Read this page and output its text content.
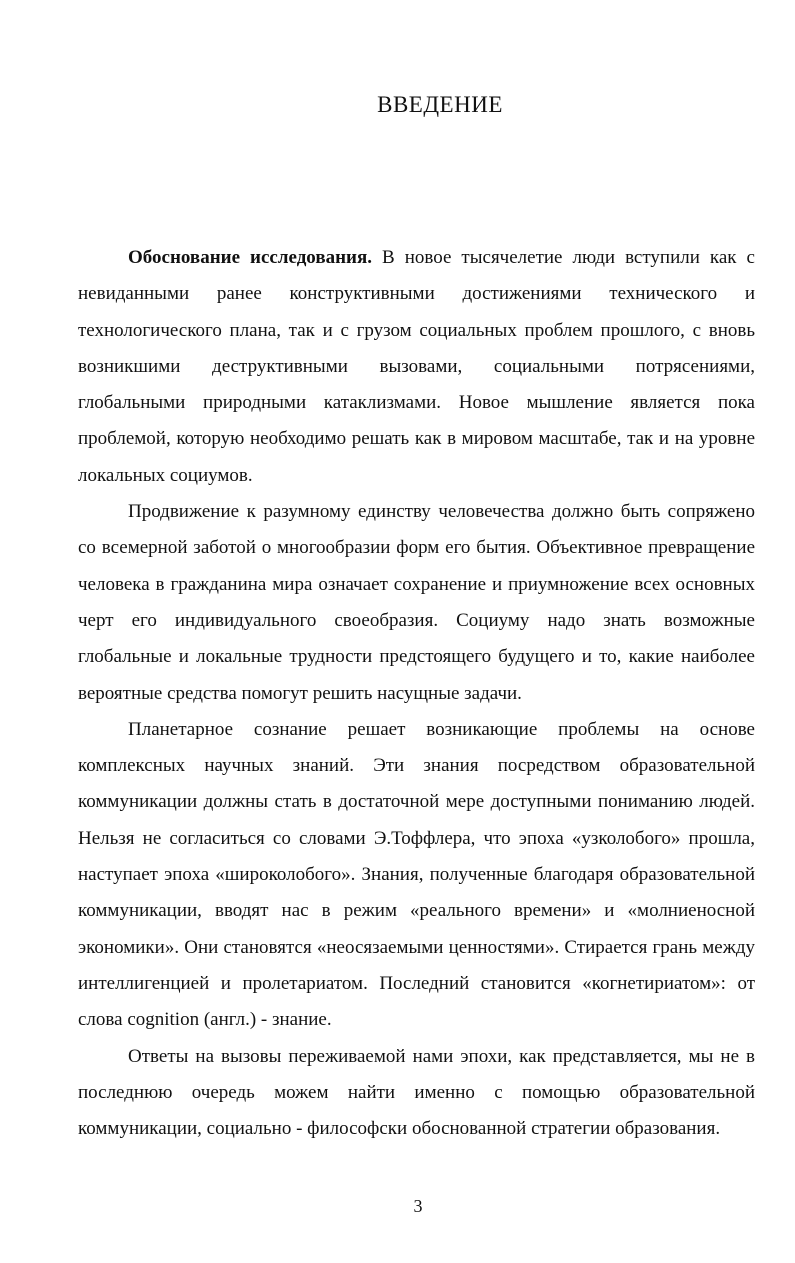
ВВЕДЕНИЕ

Обоснование исследования. В новое тысячелетие люди вступили как с невиданными ранее конструктивными достижениями технического и технологического плана, так и с грузом социальных проблем прошлого, с вновь возникшими деструктивными вызовами, социальными потрясениями, глобальными природными катаклизмами. Новое мышление является пока проблемой, которую необходимо решать как в мировом масштабе, так и на уровне локальных социумов.

Продвижение к разумному единству человечества должно быть сопряжено со всемерной заботой о многообразии форм его бытия. Объективное превращение человека в гражданина мира означает сохранение и приумножение всех основных черт его индивидуального своеобразия. Социуму надо знать возможные глобальные и локальные трудности предстоящего будущего и то, какие наиболее вероятные средства помогут решить насущные задачи.

Планетарное сознание решает возникающие проблемы на основе комплексных научных знаний. Эти знания посредством образовательной коммуникации должны стать в достаточной мере доступными пониманию людей. Нельзя не согласиться со словами Э.Тоффлера, что эпоха «узколобого» прошла, наступает эпоха «широколобого». Знания, полученные благодаря образовательной коммуникации, вводят нас в режим «реального времени» и «молниеносной экономики». Они становятся «неосязаемыми ценностями». Стирается грань между интеллигенцией и пролетариатом. Последний становится «когнетириатом»: от слова cognition (англ.) - знание.

Ответы на вызовы переживаемой нами эпохи, как представляется, мы не в последнюю очередь можем найти именно с помощью образовательной коммуникации, социально - философски обоснованной стратегии образования.

3
